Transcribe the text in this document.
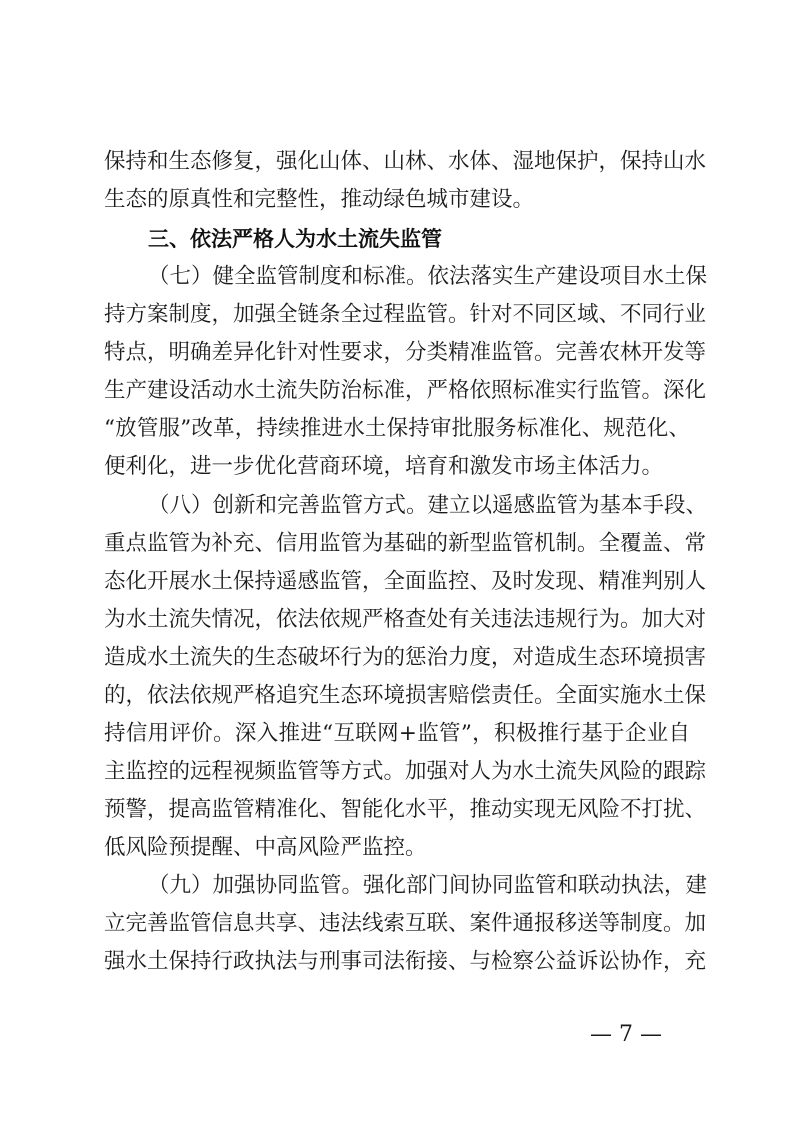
保持和生态修复，强化山体、山林、水体、湿地保护，保持山水
生态的原真性和完整性，推动绿色城市建设。
三、依法严格人为水土流失监管
（七）健全监管制度和标准。依法落实生产建设项目水土保
持方案制度，加强全链条全过程监管。针对不同区域、不同行业
特点，明确差异化针对性要求，分类精准监管。完善农林开发等
生产建设活动水土流失防治标准，严格依照标准实行监管。深化
“放管服”改革，持续推进水土保持审批服务标准化、规范化、
便利化，进一步优化营商环境，培育和激发市场主体活力。
（八）创新和完善监管方式。建立以遥感监管为基本手段、
重点监管为补充、信用监管为基础的新型监管机制。全覆盖、常
态化开展水土保持遥感监管，全面监控、及时发现、精准判别人
为水土流失情况，依法依规严格查处有关违法违规行为。加大对
造成水土流失的生态破坏行为的惩治力度，对造成生态环境损害
的，依法依规严格追究生态环境损害赔偿责任。全面实施水土保
持信用评价。深入推进“互联网+监管”，积极推行基于企业自
主监控的远程视频监管等方式。加强对人为水土流失风险的跟踪
预警，提高监管精准化、智能化水平，推动实现无风险不打扰、
低风险预提醒、中高风险严监控。
（九）加强协同监管。强化部门间协同监管和联动执法，建
立完善监管信息共享、违法线索互联、案件通报移送等制度。加
强水土保持行政执法与刑事司法衔接、与检察公益诉讼协作，充
— 7 —
